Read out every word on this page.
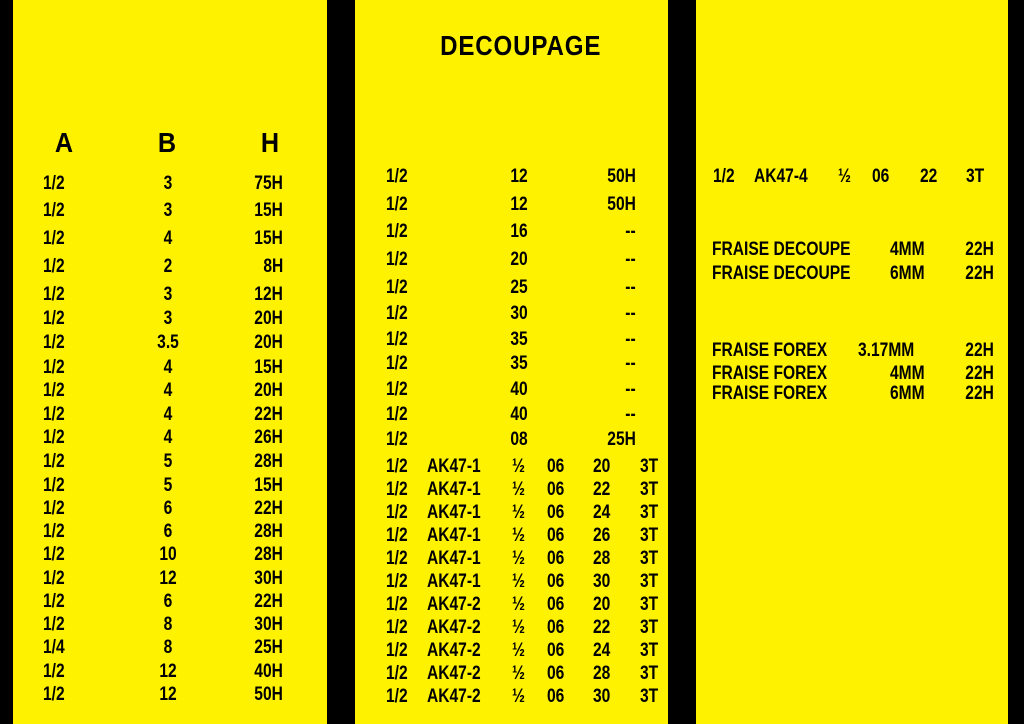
A	B	H
1/2	3	75H
1/2	3	15H
1/2	4	15H
1/2	2	8H
1/2	3	12H
1/2	3	20H
1/2	3.5	20H
1/2	4	15H
1/2	4	20H
1/2	4	22H
1/2	4	26H
1/2	5	28H
1/2	5	15H
1/2	6	22H
1/2	6	28H
1/2	10	28H
1/2	12	30H
1/2	6	22H
1/2	8	30H
1/4	8	25H
1/2	12	40H
1/2	12	50H
DECOUPAGE
1/2	12	50H
1/2	12	50H
1/2	16	--
1/2	20	--
1/2	25	--
1/2	30	--
1/2	35	--
1/2	35	--
1/2	40	--
1/2	40	--
1/2	08	25H
1/2 AK47-1 ½ 06 20 3T
1/2 AK47-1 ½ 06 22 3T
1/2 AK47-1 ½ 06 24 3T
1/2 AK47-1 ½ 06 26 3T
1/2 AK47-1 ½ 06 28 3T
1/2 AK47-1 ½ 06 30 3T
1/2 AK47-2 ½ 06 20 3T
1/2 AK47-2 ½ 06 22 3T
1/2 AK47-2 ½ 06 24 3T
1/2 AK47-2 ½ 06 28 3T
1/2 AK47-2 ½ 06 30 3T
1/2 AK47-4 ½ 06 22 3T
FRAISE DECOUPE 4MM 22H
FRAISE DECOUPE 6MM 22H
FRAISE FOREX 3.17MM	22H
FRAISE FOREX	4MM 22H
FRAISE FOREX	6MM 22H
